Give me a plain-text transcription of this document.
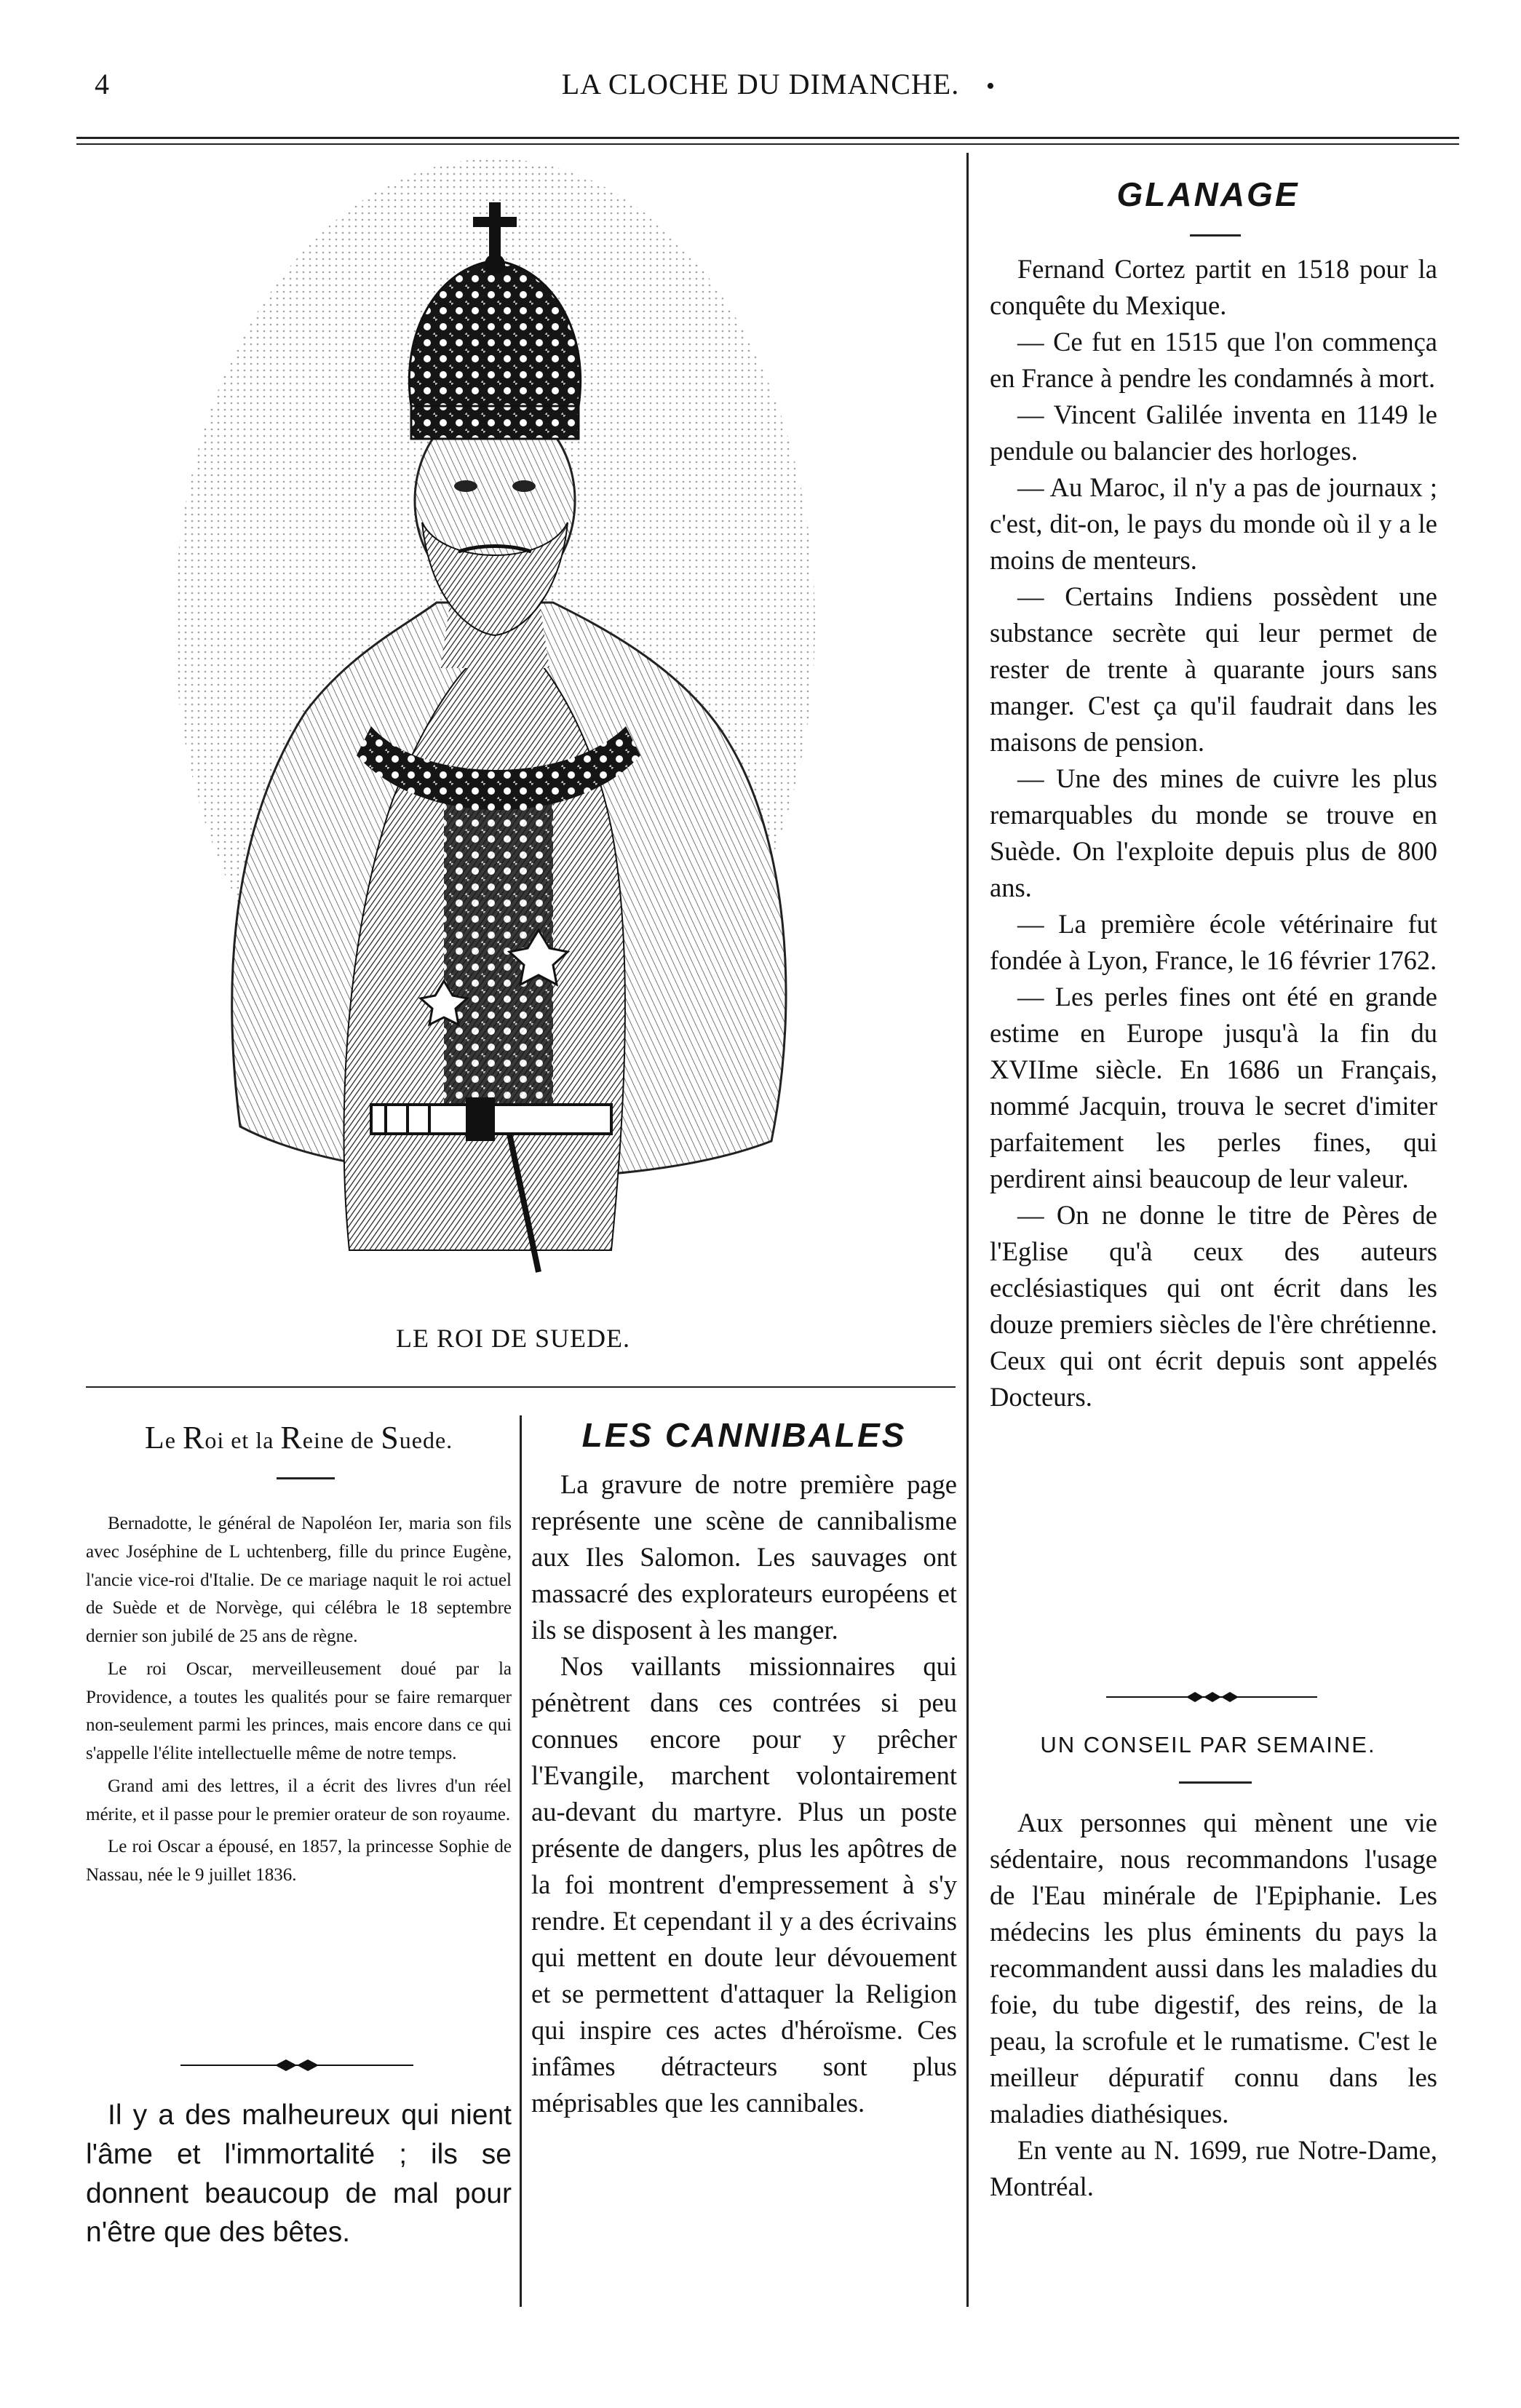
4	LA CLOCHE DU DIMANCHE.	•
LE ROI DE SUEDE.
Le Roi et la Reine de Suede.

Bernadotte, le général de Napoléon Ier, maria son fils avec Joséphine de L uchtenberg, fille du prince Eugène, l'ancie vice-roi d'Italie. De ce mariage naquit le roi actuel de Suède et de Norvège, qui célébra le 18 septembre dernier son jubilé de 25 ans de règne.

Le roi Oscar, merveilleusement doué par la Providence, a toutes les qualités pour se faire remarquer non-seulement parmi les princes, mais encore dans ce qui s'appelle l'élite intellectuelle même de notre temps.

Grand ami des lettres, il a écrit des livres d'un réel mérite, et il passe pour le premier orateur de son royaume.

Le roi Oscar a épousé, en 1857, la princesse Sophie de Nassau, née le 9 juillet 1836.

Il y a des malheureux qui nient l'âme et l'immortalité ; ils se donnent beaucoup de mal pour n'être que des bêtes.

LES CANNIBALES

La gravure de notre première page représente une scène de cannibalisme aux Iles Salomon. Les sauvages ont massacré des explorateurs européens et ils se disposent à les manger.

Nos vaillants missionnaires qui pénètrent dans ces contrées si peu connues encore pour y prêcher l'Evangile, marchent volontairement au-devant du martyre. Plus un poste présente de dangers, plus les apôtres de la foi montrent d'empressement à s'y rendre. Et cependant il y a des écrivains qui mettent en doute leur dévouement et se permettent d'attaquer la Religion qui inspire ces actes d'héroïsme. Ces infâmes détracteurs sont plus méprisables que les cannibales.

GLANAGE

Fernand Cortez partit en 1518 pour la conquête du Mexique.

— Ce fut en 1515 que l'on commença en France à pendre les condamnés à mort.

— Vincent Galilée inventa en 1149 le pendule ou balancier des horloges.

— Au Maroc, il n'y a pas de journaux ; c'est, dit-on, le pays du monde où il y a le moins de menteurs.

— Certains Indiens possèdent une substance secrète qui leur permet de rester de trente à quarante jours sans manger. C'est ça qu'il faudrait dans les maisons de pension.

— Une des mines de cuivre les plus remarquables du monde se trouve en Suède. On l'exploite depuis plus de 800 ans.

— La première école vétérinaire fut fondée à Lyon, France, le 16 février 1762.

— Les perles fines ont été en grande estime en Europe jusqu'à la fin du XVIIme siècle. En 1686 un Français, nommé Jacquin, trouva le secret d'imiter parfaitement les perles fines, qui perdirent ainsi beaucoup de leur valeur.

— On ne donne le titre de Pères de l'Eglise qu'à ceux des auteurs ecclésiastiques qui ont écrit dans les douze premiers siècles de l'ère chrétienne. Ceux qui ont écrit depuis sont appelés Docteurs.

UN CONSEIL PAR SEMAINE.

Aux personnes qui mènent une vie sédentaire, nous recommandons l'usage de l'Eau minérale de l'Epiphanie. Les médecins les plus éminents du pays la recommandent aussi dans les maladies du foie, du tube digestif, des reins, de la peau, la scrofule et le rumatisme. C'est le meilleur dépuratif connu dans les maladies diathésiques.

En vente au N. 1699, rue Notre-Dame, Montréal.
